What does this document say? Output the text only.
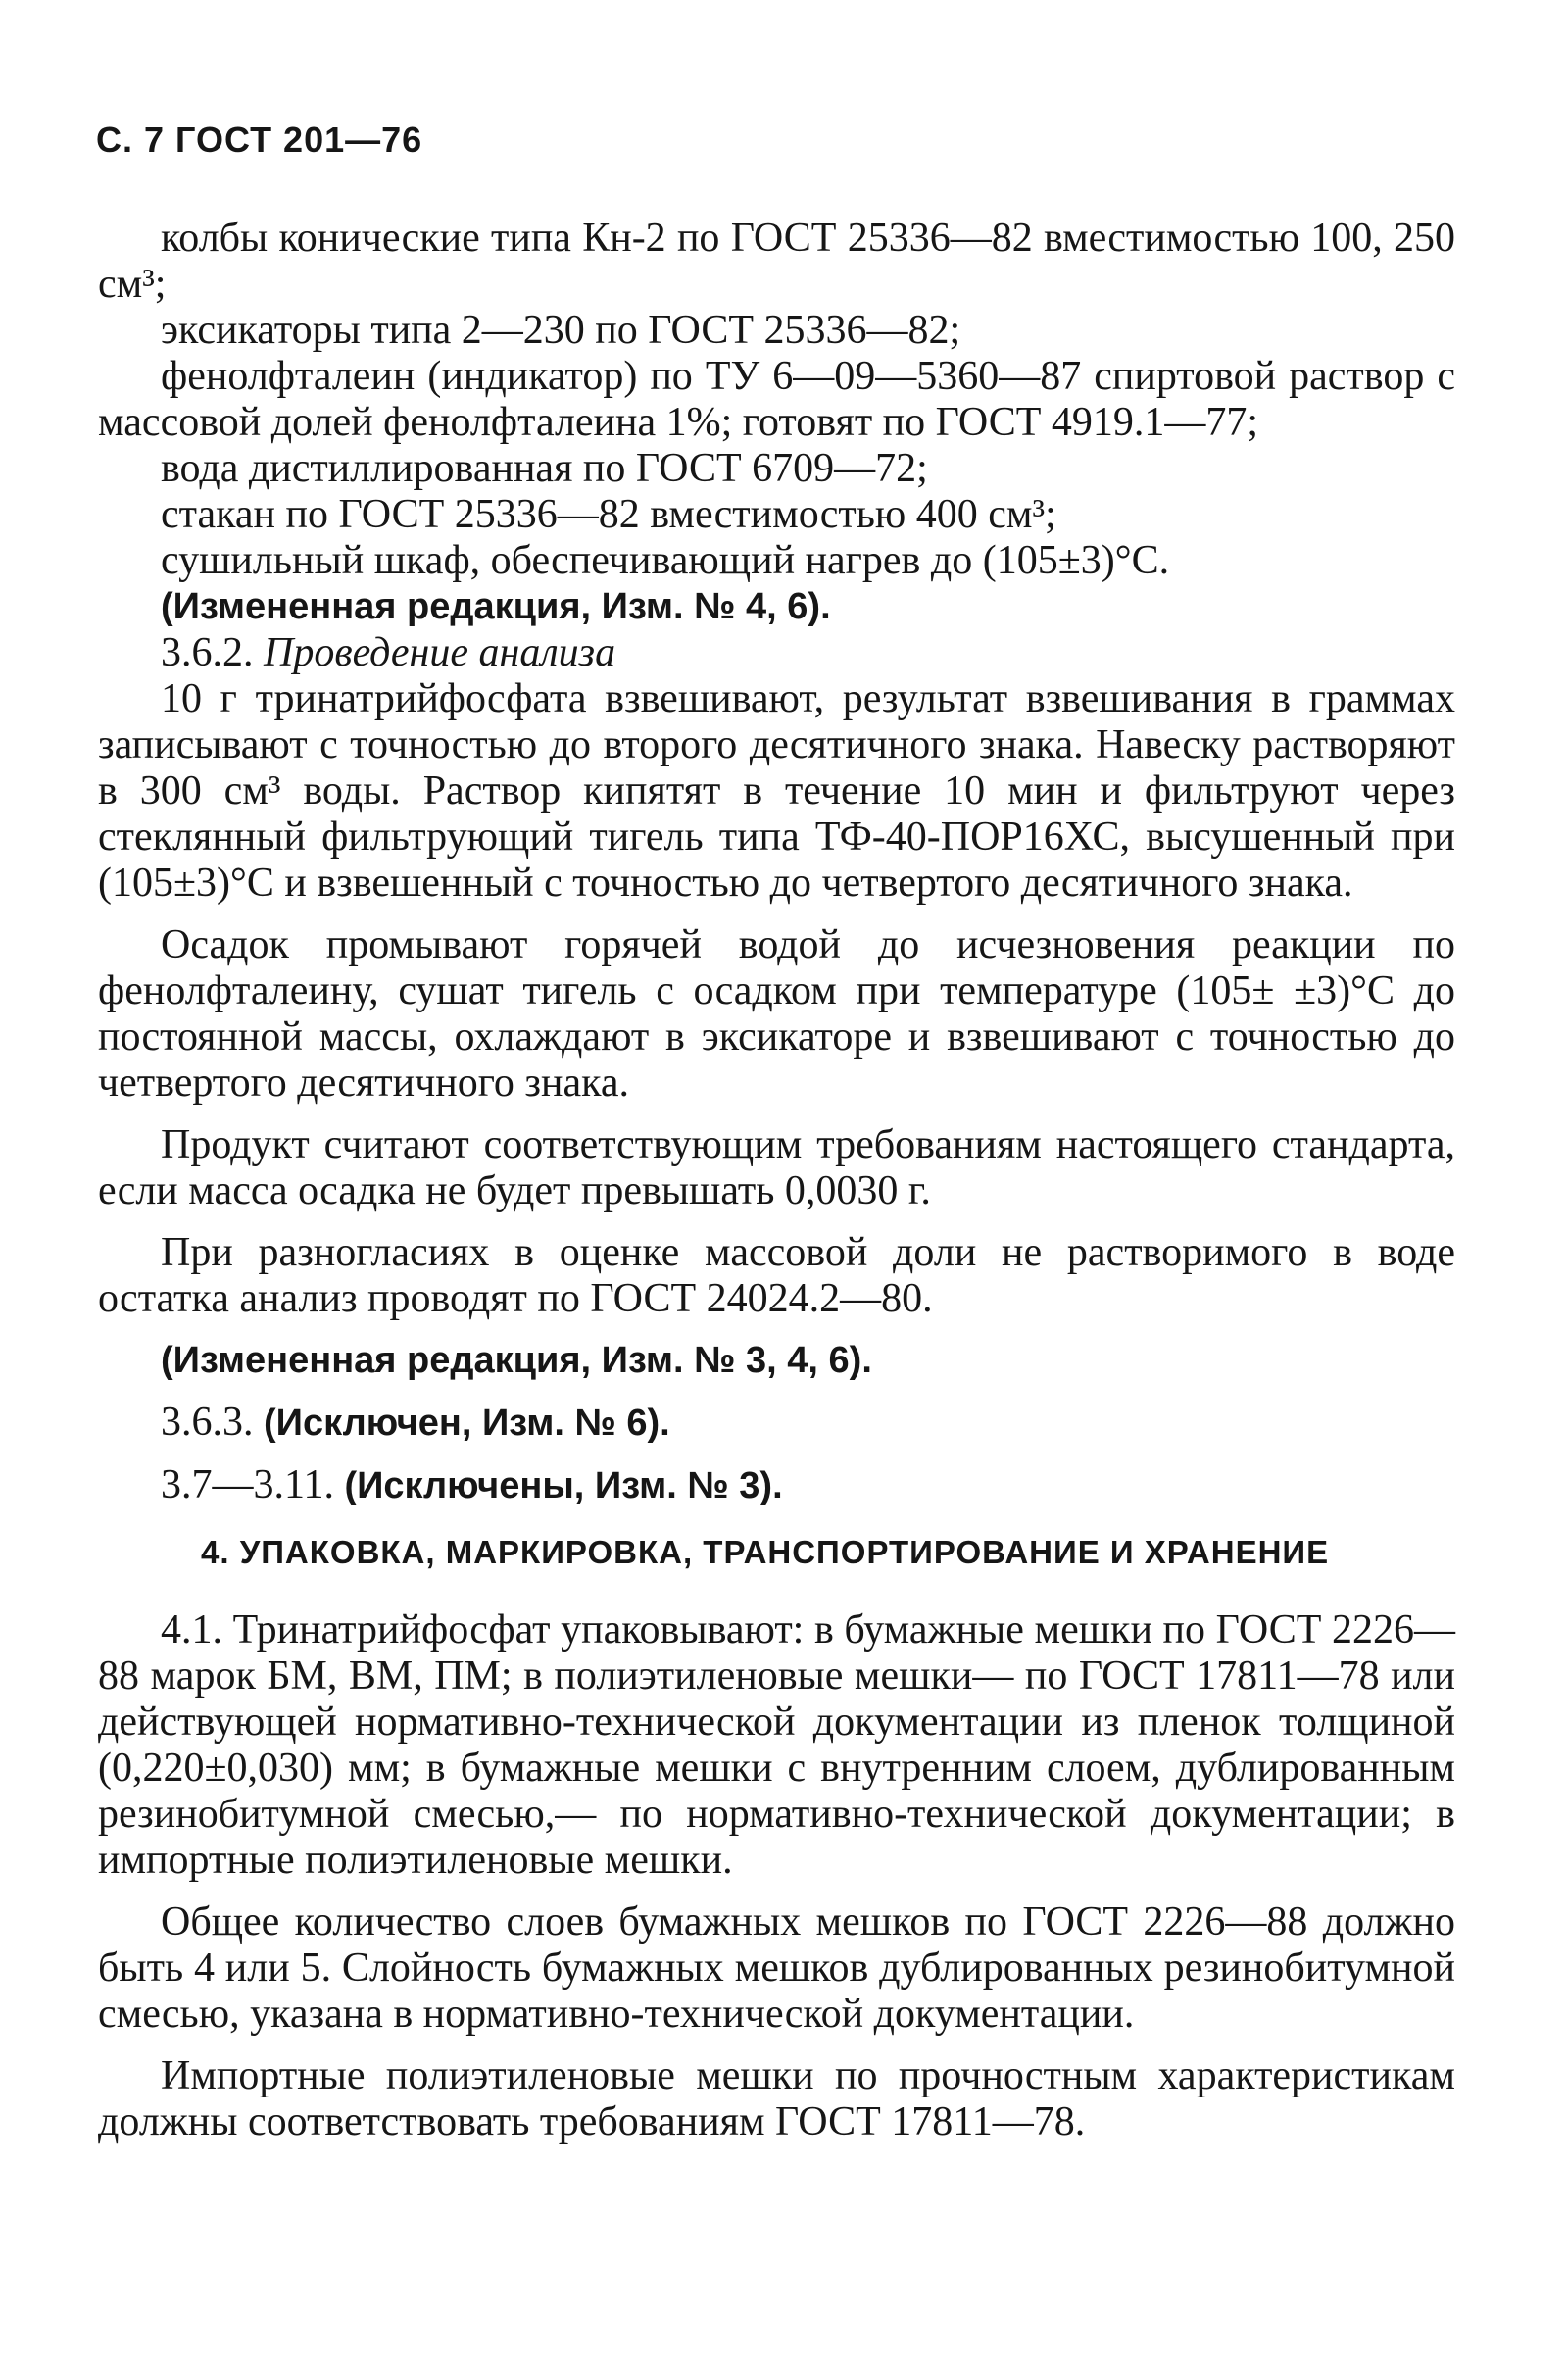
С. 7 ГОСТ 201—76

колбы конические типа Кн-2 по ГОСТ 25336—82 вместимостью 100, 250 см³;

эксикаторы типа 2—230 по ГОСТ 25336—82;

фенолфталеин (индикатор) по ТУ 6—09—5360—87 спиртовой раствор с массовой долей фенолфталеина 1%; готовят по ГОСТ 4919.1—77;

вода дистиллированная по ГОСТ 6709—72;

стакан по ГОСТ 25336—82 вместимостью 400 см³;

сушильный шкаф, обеспечивающий нагрев до (105±3)°С.

(Измененная редакция, Изм. № 4, 6).

3.6.2. Проведение анализа

10 г тринатрийфосфата взвешивают, результат взвешивания в граммах записывают с точностью до второго десятичного знака. Навеску растворяют в 300 см³ воды. Раствор кипятят в течение 10 мин и фильтруют через стеклянный фильтрующий тигель типа ТФ-40-ПОР16ХС, высушенный при (105±3)°С и взвешенный с точностью до четвертого десятичного знака.

Осадок промывают горячей водой до исчезновения реакции по фенолфталеину, сушат тигель с осадком при температуре (105± ±3)°С до постоянной массы, охлаждают в эксикаторе и взвешивают с точностью до четвертого десятичного знака.

Продукт считают соответствующим требованиям настоящего стандарта, если масса осадка не будет превышать 0,0030 г.

При разногласиях в оценке массовой доли не растворимого в воде остатка анализ проводят по ГОСТ 24024.2—80.

(Измененная редакция, Изм. № 3, 4, 6).

3.6.3. (Исключен, Изм. № 6).

3.7—3.11. (Исключены, Изм. № 3).

4. УПАКОВКА, МАРКИРОВКА, ТРАНСПОРТИРОВАНИЕ И ХРАНЕНИЕ

4.1. Тринатрийфосфат упаковывают: в бумажные мешки по ГОСТ 2226—88 марок БМ, ВМ, ПМ; в полиэтиленовые мешки— по ГОСТ 17811—78 или действующей нормативно-технической документации из пленок толщиной (0,220±0,030) мм; в бумажные мешки с внутренним слоем, дублированным резинобитумной смесью,— по нормативно-технической документации; в импортные полиэтиленовые мешки.

Общее количество слоев бумажных мешков по ГОСТ 2226—88 должно быть 4 или 5. Слойность бумажных мешков дублированных резинобитумной смесью, указана в нормативно-технической документации.

Импортные полиэтиленовые мешки по прочностным характеристикам должны соответствовать требованиям ГОСТ 17811—78.
